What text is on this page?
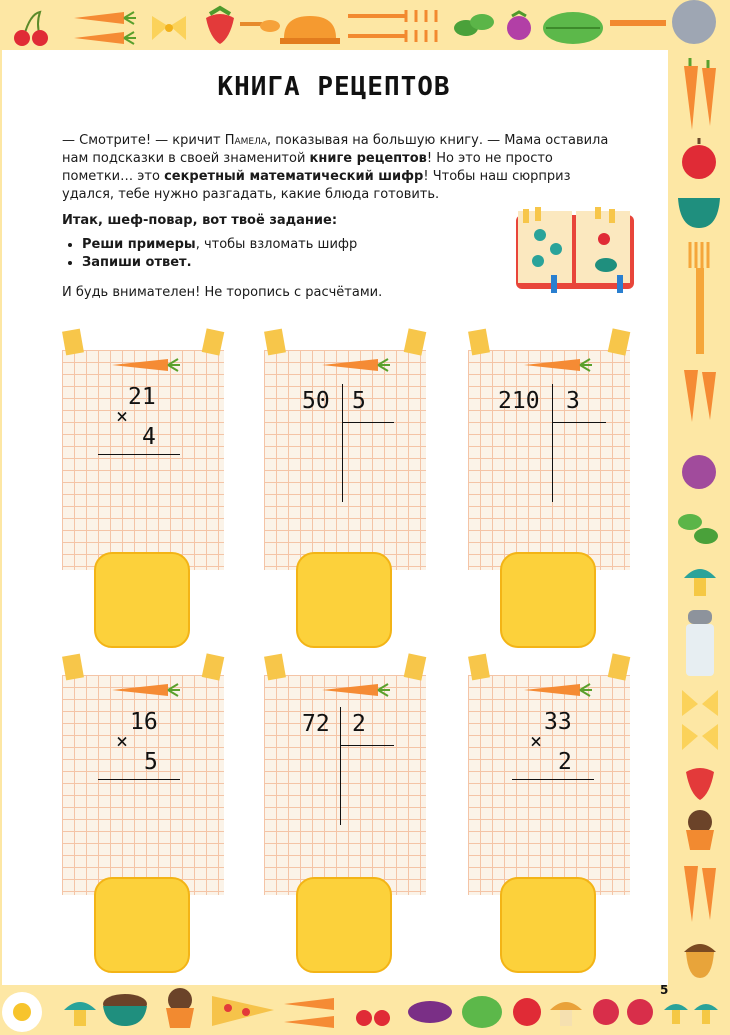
КНИГА РЕЦЕПТОВ
— Смотрите! — кричит Памела, показывая на большую книгу. — Мама оставила нам подсказки в своей знаменитой книге рецептов! Но это не просто пометки… это секретный математический шифр! Чтобы наш сюрприз удался, тебе нужно разгадать, какие блюда готовить.

Итак, шеф-повар, вот твоё задание:

• Реши примеры, чтобы взломать шифр
• Запиши ответ.

И будь внимателен! Не торопись с расчётами.

21
×
4
50 5	210 3
16
×
5
72 2	33
×
2
5
